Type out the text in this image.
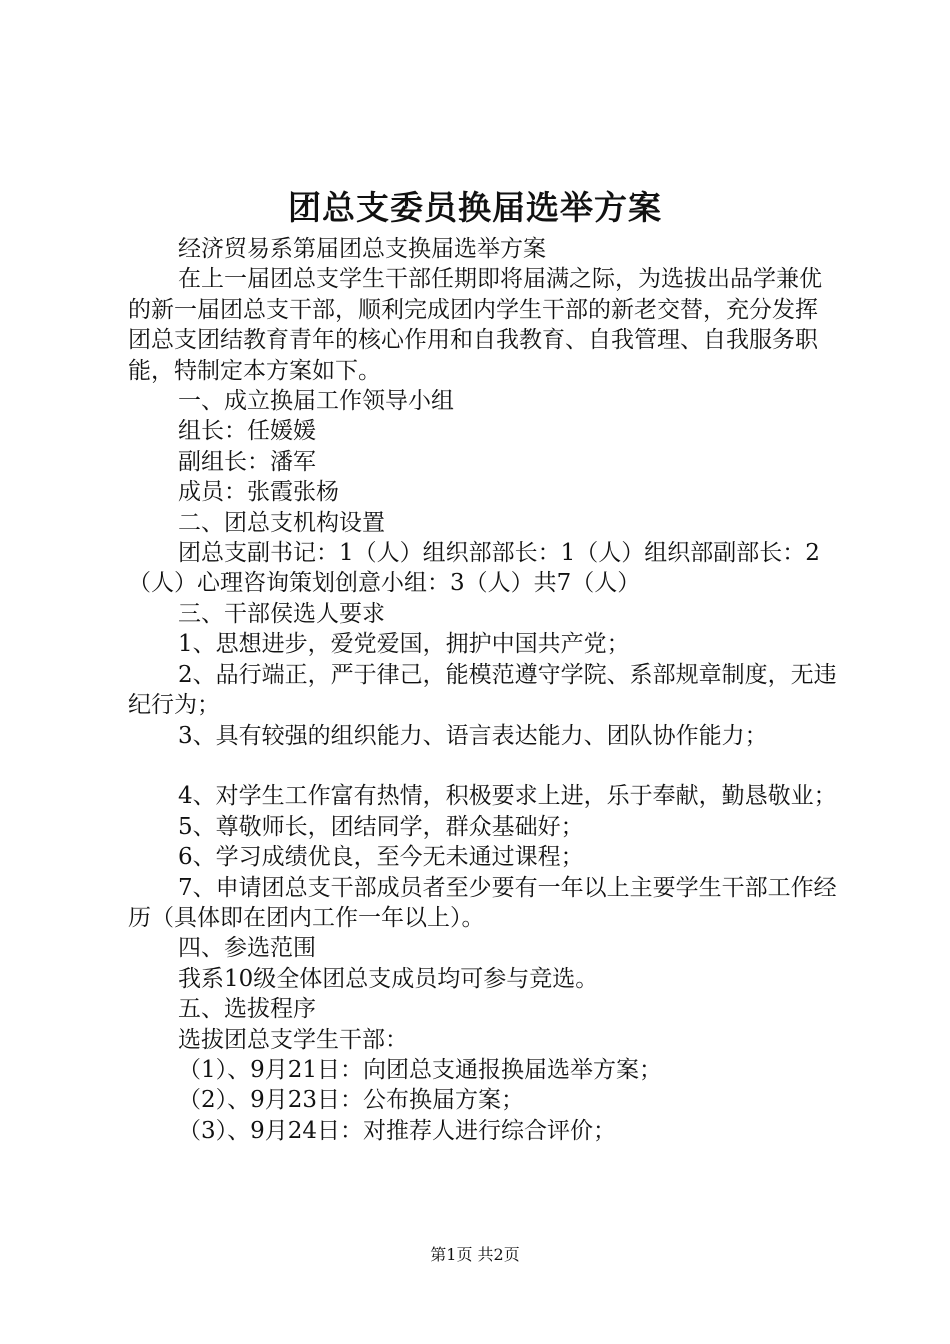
团总支委员换届选举方案

经济贸易系第届团总支换届选举方案

在上一届团总支学生干部任期即将届满之际，为选拔出品学兼优的新一届团总支干部，顺利完成团内学生干部的新老交替，充分发挥团总支团结教育青年的核心作用和自我教育、自我管理、自我服务职能，特制定本方案如下。

一、成立换届工作领导小组

组长：任媛媛

副组长：潘军

成员：张霞张杨

二、团总支机构设置

团总支副书记：1（人）组织部部长：1（人）组织部副部长：2（人）心理咨询策划创意小组：3（人）共7（人）

三、干部侯选人要求

1、思想进步，爱党爱国，拥护中国共产党；

2、品行端正，严于律己，能模范遵守学院、系部规章制度，无违纪行为；

3、具有较强的组织能力、语言表达能力、团队协作能力；

4、对学生工作富有热情，积极要求上进，乐于奉献，勤恳敬业；

5、尊敬师长，团结同学，群众基础好；

6、学习成绩优良，至今无未通过课程；

7、申请团总支干部成员者至少要有一年以上主要学生干部工作经历（具体即在团内工作一年以上）。

四、参选范围

我系10级全体团总支成员均可参与竞选。

五、选拔程序

选拔团总支学生干部：

（1）、9月21日：向团总支通报换届选举方案；

（2）、9月23日：公布换届方案；

（3）、9月24日：对推荐人进行综合评价；

第1页 共2页
